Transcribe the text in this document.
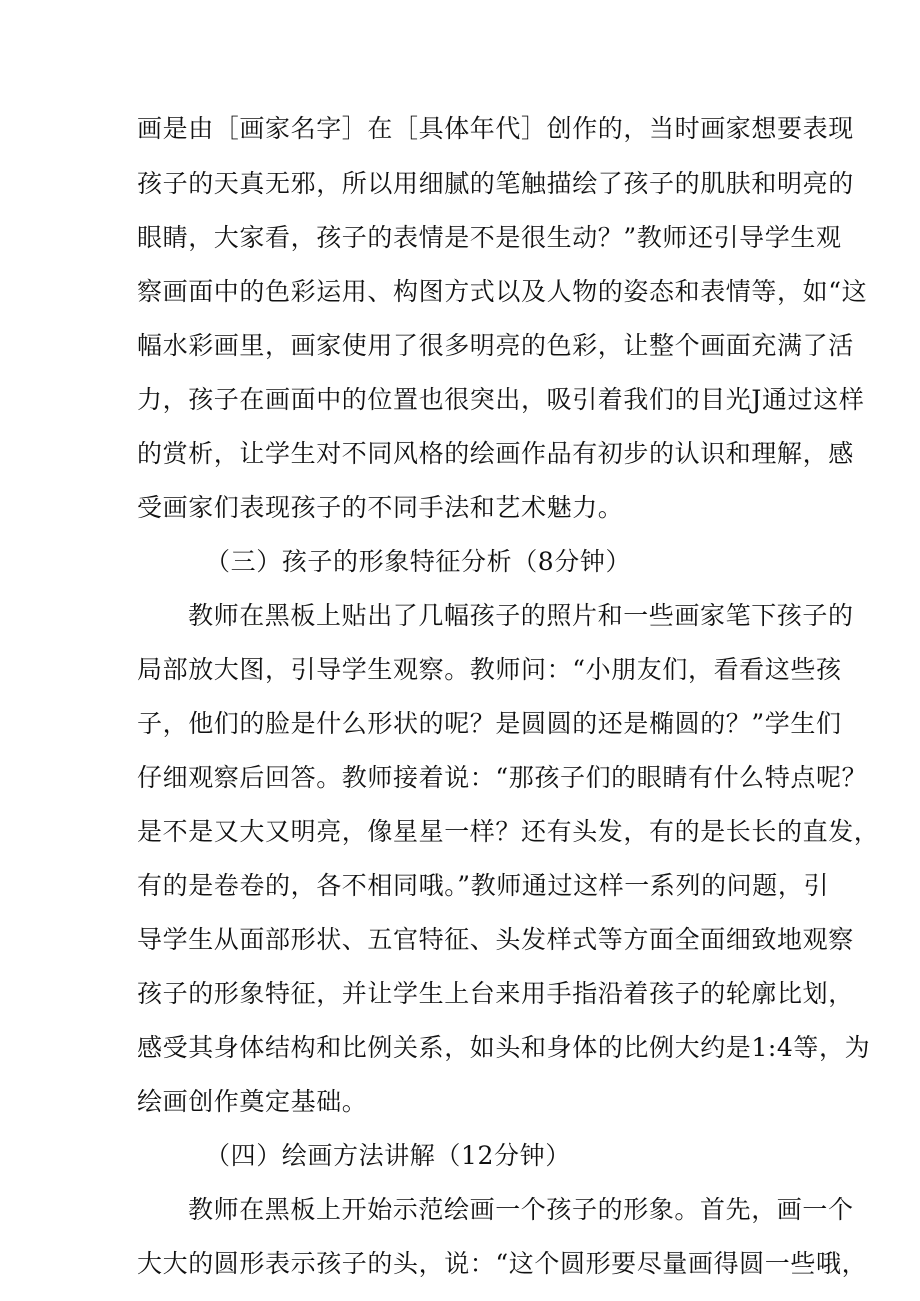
画是由［画家名字］在［具体年代］创作的，当时画家想要表现
孩子的天真无邪，所以用细腻的笔触描绘了孩子的肌肤和明亮的
眼睛，大家看，孩子的表情是不是很生动？”教师还引导学生观
察画面中的色彩运用、构图方式以及人物的姿态和表情等，如“这
幅水彩画里，画家使用了很多明亮的色彩，让整个画面充满了活
力，孩子在画面中的位置也很突出，吸引着我们的目光J通过这样
的赏析，让学生对不同风格的绘画作品有初步的认识和理解，感
受画家们表现孩子的不同手法和艺术魅力。
（三）孩子的形象特征分析（8分钟）
教师在黑板上贴出了几幅孩子的照片和一些画家笔下孩子的
局部放大图，引导学生观察。教师问：“小朋友们，看看这些孩
子，他们的脸是什么形状的呢？是圆圆的还是椭圆的？”学生们
仔细观察后回答。教师接着说：“那孩子们的眼睛有什么特点呢？
是不是又大又明亮，像星星一样？还有头发，有的是长长的直发，
有的是卷卷的，各不相同哦。”教师通过这样一系列的问题，引
导学生从面部形状、五官特征、头发样式等方面全面细致地观察
孩子的形象特征，并让学生上台来用手指沿着孩子的轮廓比划，
感受其身体结构和比例关系，如头和身体的比例大约是1:4等，为
绘画创作奠定基础。
（四）绘画方法讲解（12分钟）
教师在黑板上开始示范绘画一个孩子的形象。首先，画一个
大大的圆形表示孩子的头，说：“这个圆形要尽量画得圆一些哦，
